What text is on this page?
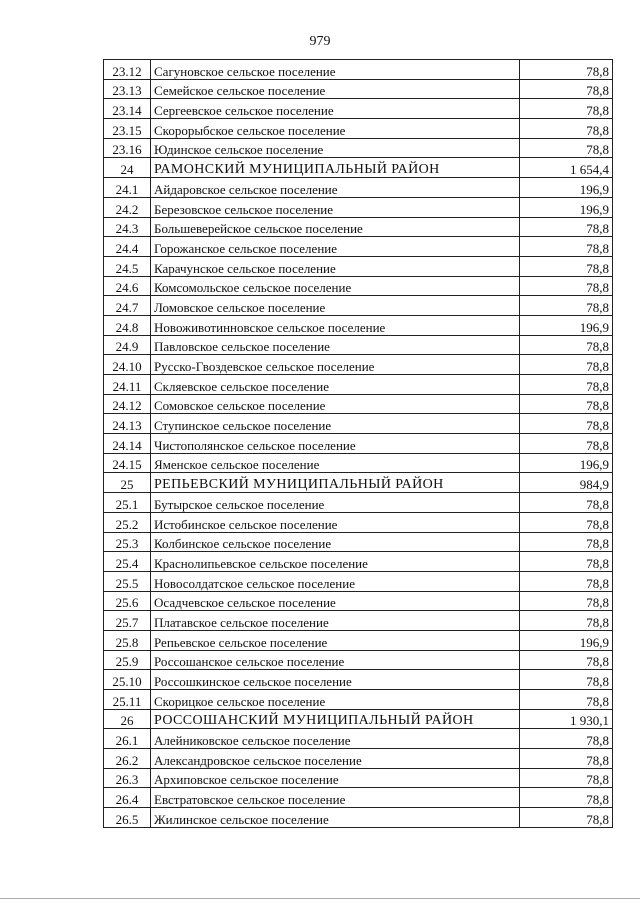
979
23.12	Сагуновское сельское поселение	78,8
23.13	Семейское сельское поселение	78,8
23.14	Сергеевское сельское поселение	78,8
23.15	Скорорыбское сельское поселение	78,8
23.16	Юдинское сельское поселение	78,8
24	РАМОНСКИЙ МУНИЦИПАЛЬНЫЙ РАЙОН	1 654,4
24.1	Айдаровское сельское поселение	196,9
24.2	Березовское сельское поселение	196,9
24.3	Большеверейское сельское поселение	78,8
24.4	Горожанское сельское поселение	78,8
24.5	Карачунское сельское поселение	78,8
24.6	Комсомольское сельское поселение	78,8
24.7	Ломовское сельское поселение	78,8
24.8	Новоживотинновское сельское поселение	196,9
24.9	Павловское сельское поселение	78,8
24.10	Русско-Гвоздевское сельское поселение	78,8
24.11	Скляевское сельское поселение	78,8
24.12	Сомовское сельское поселение	78,8
24.13	Ступинское сельское поселение	78,8
24.14	Чистополянское сельское поселение	78,8
24.15	Яменское сельское поселение	196,9
25	РЕПЬЕВСКИЙ МУНИЦИПАЛЬНЫЙ РАЙОН	984,9
25.1	Бутырское сельское поселение	78,8
25.2	Истобинское сельское поселение	78,8
25.3	Колбинское сельское поселение	78,8
25.4	Краснолипьевское сельское поселение	78,8
25.5	Новосолдатское сельское поселение	78,8
25.6	Осадчевское сельское поселение	78,8
25.7	Платавское сельское поселение	78,8
25.8	Репьевское сельское поселение	196,9
25.9	Россошанское сельское поселение	78,8
25.10	Россошкинское сельское поселение	78,8
25.11	Скорицкое сельское поселение	78,8
26	РОССОШАНСКИЙ МУНИЦИПАЛЬНЫЙ РАЙОН	1 930,1
26.1	Алейниковское сельское поселение	78,8
26.2	Александровское сельское поселение	78,8
26.3	Архиповское сельское поселение	78,8
26.4	Евстратовское сельское поселение	78,8
26.5	Жилинское сельское поселение	78,8
